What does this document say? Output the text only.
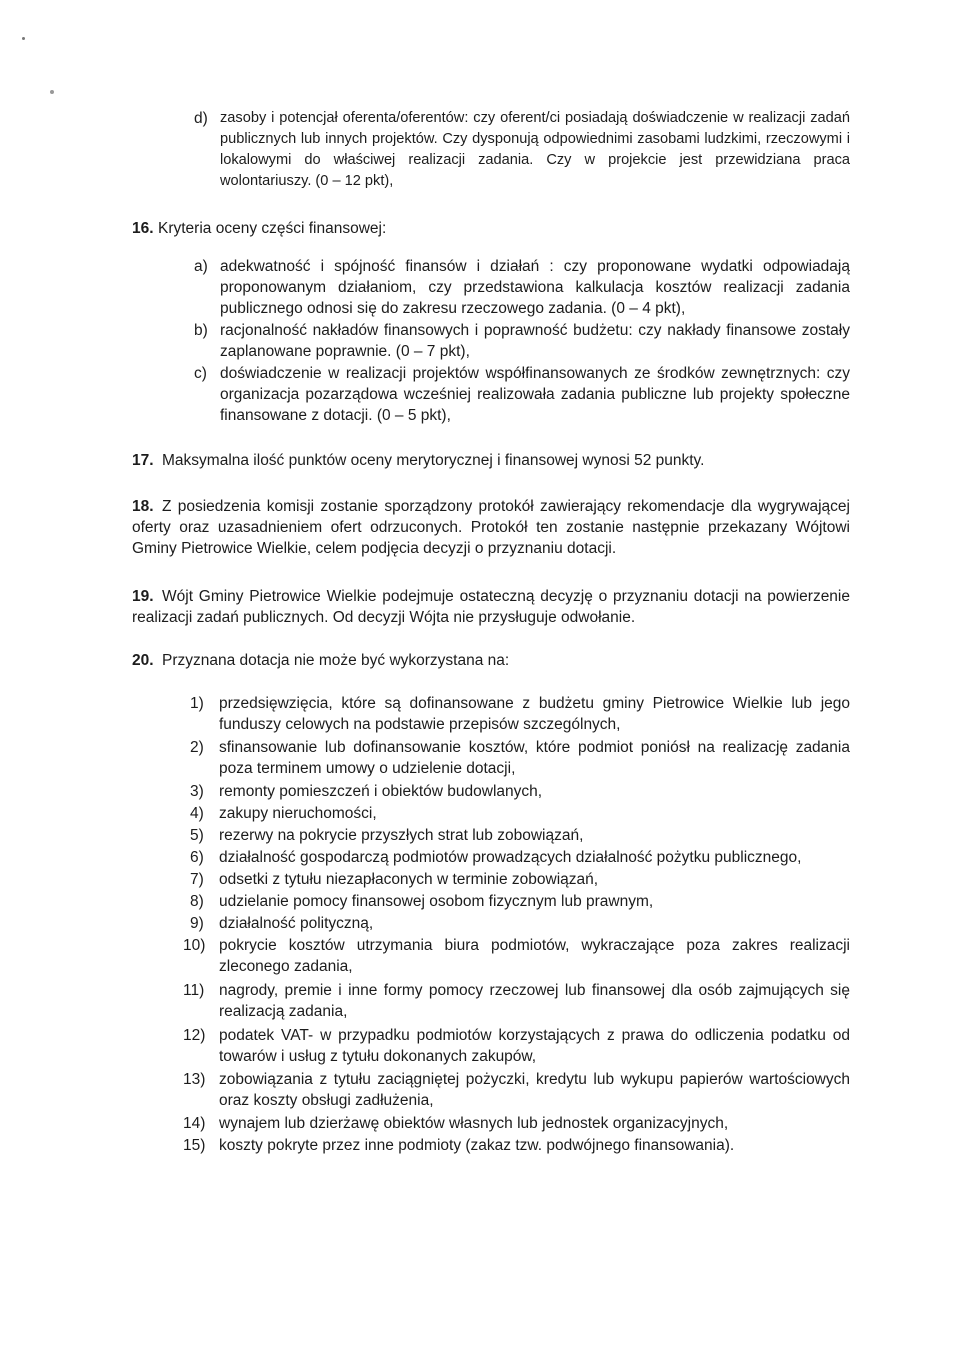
d) zasoby i potencjał oferenta/oferentów: czy oferent/ci posiadają doświadczenie w realizacji zadań publicznych lub innych projektów. Czy dysponują odpowiednimi zasobami ludzkimi, rzeczowymi i lokalowymi do właściwej realizacji zadania. Czy w projekcie jest przewidziana praca wolontariuszy. (0 – 12 pkt),
16. Kryteria oceny części finansowej:
a) adekwatność i spójność finansów i działań : czy proponowane wydatki odpowiadają proponowanym działaniom, czy przedstawiona kalkulacja kosztów realizacji zadania publicznego odnosi się do zakresu rzeczowego zadania. (0 – 4 pkt),
b) racjonalność nakładów finansowych i poprawność budżetu: czy nakłady finansowe zostały zaplanowane poprawnie. (0 – 7 pkt),
c) doświadczenie w realizacji projektów współfinansowanych ze środków zewnętrznych: czy organizacja pozarządowa wcześniej realizowała zadania publiczne lub projekty społeczne finansowane z dotacji. (0 – 5 pkt),
17. Maksymalna ilość punktów oceny merytorycznej i finansowej wynosi 52 punkty.
18. Z posiedzenia komisji zostanie sporządzony protokół zawierający rekomendacje dla wygrywającej oferty oraz uzasadnieniem ofert odrzuconych. Protokół ten zostanie następnie przekazany Wójtowi Gminy Pietrowice Wielkie, celem podjęcia decyzji o przyznaniu dotacji.
19. Wójt Gminy Pietrowice Wielkie podejmuje ostateczną decyzję o przyznaniu dotacji na powierzenie realizacji zadań publicznych. Od decyzji Wójta nie przysługuje odwołanie.
20. Przyznana dotacja nie może być wykorzystana na:
1) przedsięwzięcia, które są dofinansowane z budżetu gminy Pietrowice Wielkie lub jego funduszy celowych na podstawie przepisów szczególnych,
2) sfinansowanie lub dofinansowanie kosztów, które podmiot poniósł na realizację zadania poza terminem umowy o udzielenie dotacji,
3) remonty pomieszczeń i obiektów budowlanych,
4) zakupy nieruchomości,
5) rezerwy na pokrycie przyszłych strat lub zobowiązań,
6) działalność gospodarczą podmiotów prowadzących działalność pożytku publicznego,
7) odsetki z tytułu niezapłaconych w terminie zobowiązań,
8) udzielanie pomocy finansowej osobom fizycznym lub prawnym,
9) działalność polityczną,
10) pokrycie kosztów utrzymania biura podmiotów, wykraczające poza zakres realizacji zleconego zadania,
11) nagrody, premie i inne formy pomocy rzeczowej lub finansowej dla osób zajmujących się realizacją zadania,
12) podatek VAT- w przypadku podmiotów korzystających z prawa do odliczenia podatku od towarów i usług z tytułu dokonanych zakupów,
13) zobowiązania z tytułu zaciągniętej pożyczki, kredytu lub wykupu papierów wartościowych oraz koszty obsługi zadłużenia,
14) wynajem lub dzierżawę obiektów własnych lub jednostek organizacyjnych,
15) koszty pokryte przez inne podmioty (zakaz tzw. podwójnego finansowania).
